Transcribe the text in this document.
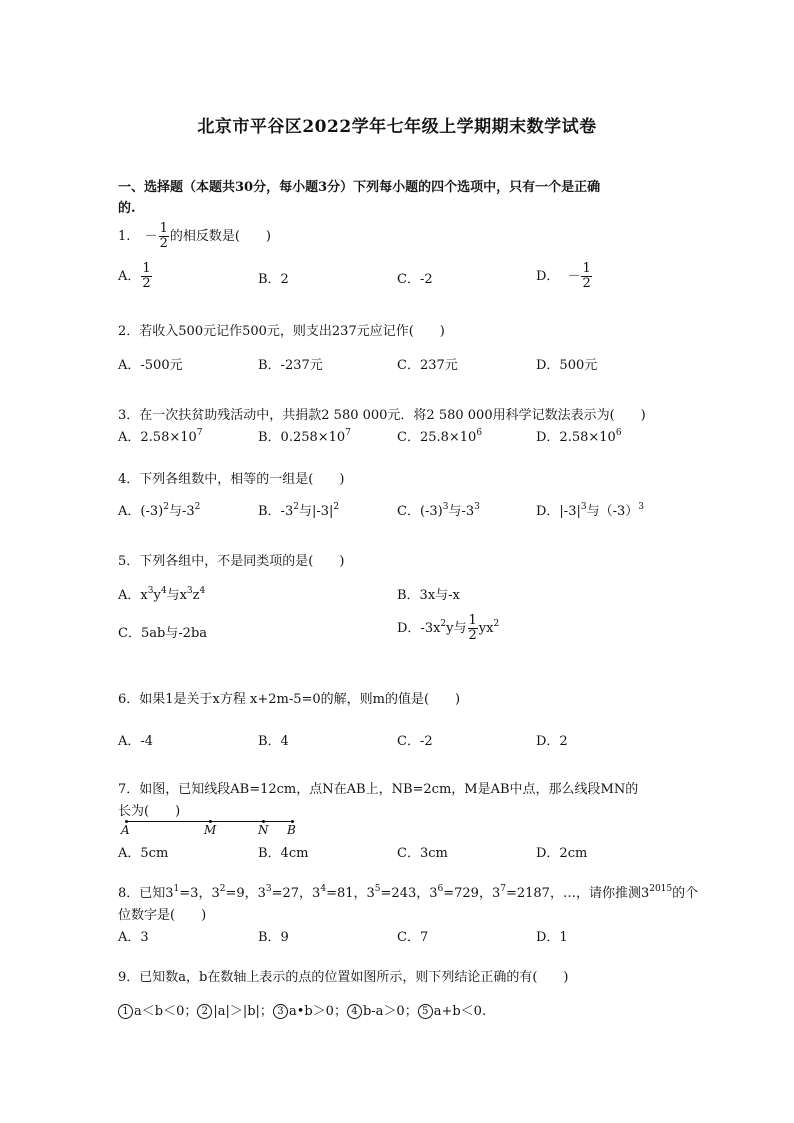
北京市平谷区2022学年七年级上学期期末数学试卷
一、选择题（本题共30分，每小题3分）下列每小题的四个选项中，只有一个是正确
的.
1. － $\frac{1}{2}$ 的相反数是(　　)
A． $\frac{1}{2}$	B．2	C．-2	D． － $\frac{1}{2}$
2．若收入500元记作500元，则支出237元应记作(　　)
A．-500元	B．-237元	C．237元	D．500元
3．在一次扶贫助残活动中，共捐款2 580 000元．将2 580 000用科学记数法表示为(　　)
A．$2.58\times 10^7$	B．$0.258\times 10^7$	C．$25.8\times 10^6$	D．$2.58\times 10^6$
4．下列各组数中，相等的一组是(　　)
A．$(-3)^2$与$-3^2$	B．$-3^2$与$|-3|^2$	C．$(-3)^3$与$-3^3$	D．$|-3|^3$与$(-3)^3$
5．下列各组中，不是同类项的是(　　)
A．$x^3y^4$与$x^3z^4$	B．3x与-x
C．5ab与-2ba	D．$-3x^2y$与 $\frac{1}{2} yx^2$
6．如果1是关于x方程 x+2m-5=0的解，则m的值是(　　)
A．-4	B．4	C．-2	D．2
7．如图，已知线段AB=12cm，点N在AB上，NB=2cm，M是AB中点，那么线段MN的
长为(　　)
A	M	N B
A．5cm	B．4cm	C．3cm	D．2cm
8．已知$3^1=3$，$3^2=9$，$3^3=27$，$3^4=81$，$3^5=243$，$3^6=729$，$3^7=2187$，…，请你推测$3^{2015}$的个
位数字是(　　)
A．3	B．9	C．7	D．1
9．已知数a，b在数轴上表示的点的位置如图所示，则下列结论正确的有(　　)
1 a＜b＜0； 2 |a|＞|b|； 3 a•b＞0； 4 b-a＞0； 5 a+b＜0.
